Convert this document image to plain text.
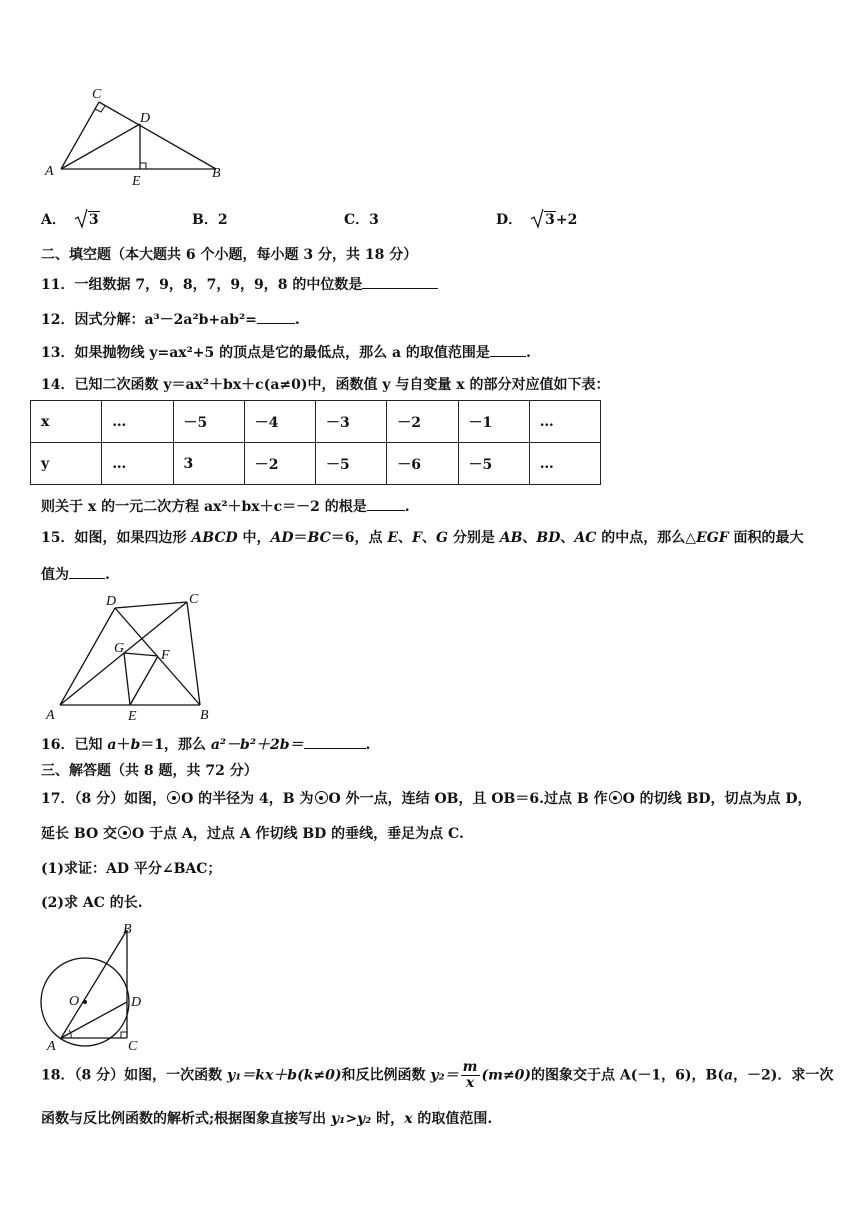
C
D
A
E
B
A． 3	B．2	C．3	D． 3+2
二、填空题（本大题共 6 个小题，每小题 3 分，共 18 分）
11．一组数据 7，9，8，7，9，9，8 的中位数是
12．因式分解：a³－2a²b+ab²=	.
13．如果抛物线 y=ax²+5 的顶点是它的最低点，那么 a 的取值范围是	.
14．已知二次函数 y＝ax²＋bx＋c(a≠0)中，函数值 y 与自变量 x 的部分对应值如下表：
x	…	－5	－4	－3	－2	－1	…
y	…	3	－2	－5	－6	－5	…
则关于 x 的一元二次方程 ax²＋bx＋c＝－2 的根是	.
15．如图，如果四边形 ABCD 中，AD＝BC＝6，点 E、F、G 分别是 AB、BD、AC 的中点，那么△EGF 面积的最大
值为	.
D	C
G	F
A	E	B
16．已知 a＋b＝1，那么 a²－b²＋2b＝	.
三、解答题（共 8 题，共 72 分）
17．（8 分）如图， O 的半径为 4，B 为 O 外一点，连结 OB，且 OB＝6.过点 B 作 O 的切线 BD，切点为点 D，
延长 BO 交 O 于点 A，过点 A 作切线 BD 的垂线，垂足为点 C.
(1)求证：AD 平分∠BAC；
(2)求 AC 的长.
B
O	D
A	C
18．（8 分）如图，一次函数 y₁＝kx＋b(k≠0)和反比例函数 $y_2= \frac{m}{x} (m\ne 0)$的图象交于点 A(－1，6)，B(a，－2)．求一次
函数与反比例函数的解析式;根据图象直接写出 y₁>y₂ 时，x 的取值范围.
